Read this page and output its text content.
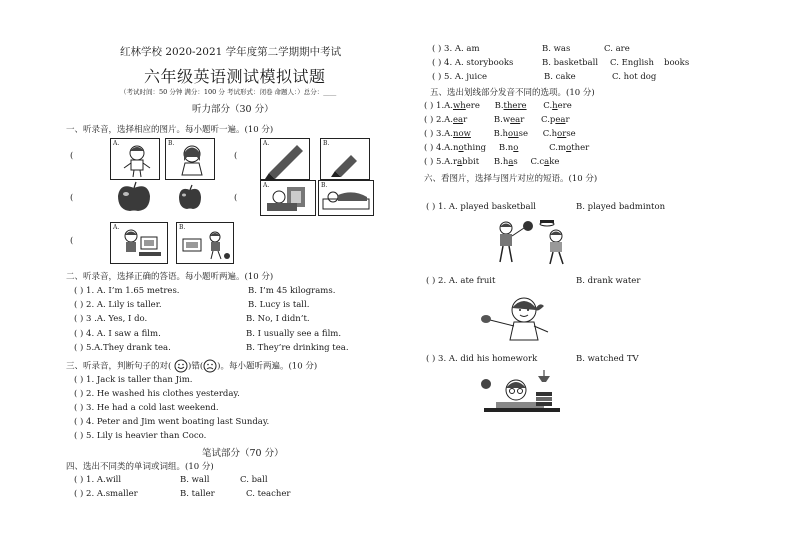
红林学校 2020-2021 学年度第二学期期中考试
六年级英语测试模拟试题
（考试时间：50 分钟 满分：100 分 考试形式：闭卷 命题人：）总分：____
听力部分（30 分）
一、听录音，选择相应的图片。每小题听一遍。(10 分)
(
(
(
(
(
A.	B.
A.	B.
A.	B.
A.	B.
二、听录音，选择正确的答语。每小题听两遍。(10 分)
( ) 1. A. I’m 1.65 metres.	B. I’m 45 kilograms.
( ) 2. A. Lily is taller.	B. Lucy is tall.
( ) 3 .A. Yes, I do.	B. No, I didn’t.
( ) 4. A. I saw a film.	B. I usually see a film.
( ) 5.A.They drank tea.	B. They’re drinking tea.
三、听录音，判断句子的对( )错( )。每小题听两遍。(10 分)
( ) 1. Jack is taller than Jim.
( ) 2. He washed his clothes yesterday.
( ) 3. He had a cold last weekend.
( ) 4. Peter and Jim went boating last Sunday.
( ) 5. Lily is heavier than Coco.
笔试部分（70 分）
四、选出不同类的单词或词组。(10 分)
( ) 1. A.will	B. wall	C. ball
( ) 2. A.smaller	B. taller	C. teacher
( ) 3. A. am	B. was	C. are
( ) 4. A. storybooks	B. basketball C. English books
( ) 5. A. juice	B. cake	C. hot dog
五、选出划线部分发音不同的选项。(10 分)
( ) 1.A.where B.there C.here
( ) 2.A.ear	B.wear C.pear
( ) 3.A.now	B.house C.horse
( ) 4.A.nothing B.no	C.mother
( ) 5.A.rabbit B.has C.cake
六、看图片，选择与图片对应的短语。(10 分)
( ) 1. A. played basketball	B. played badminton
( ) 2. A. ate fruit	B. drank water
( ) 3. A. did his homework	B. watched TV
